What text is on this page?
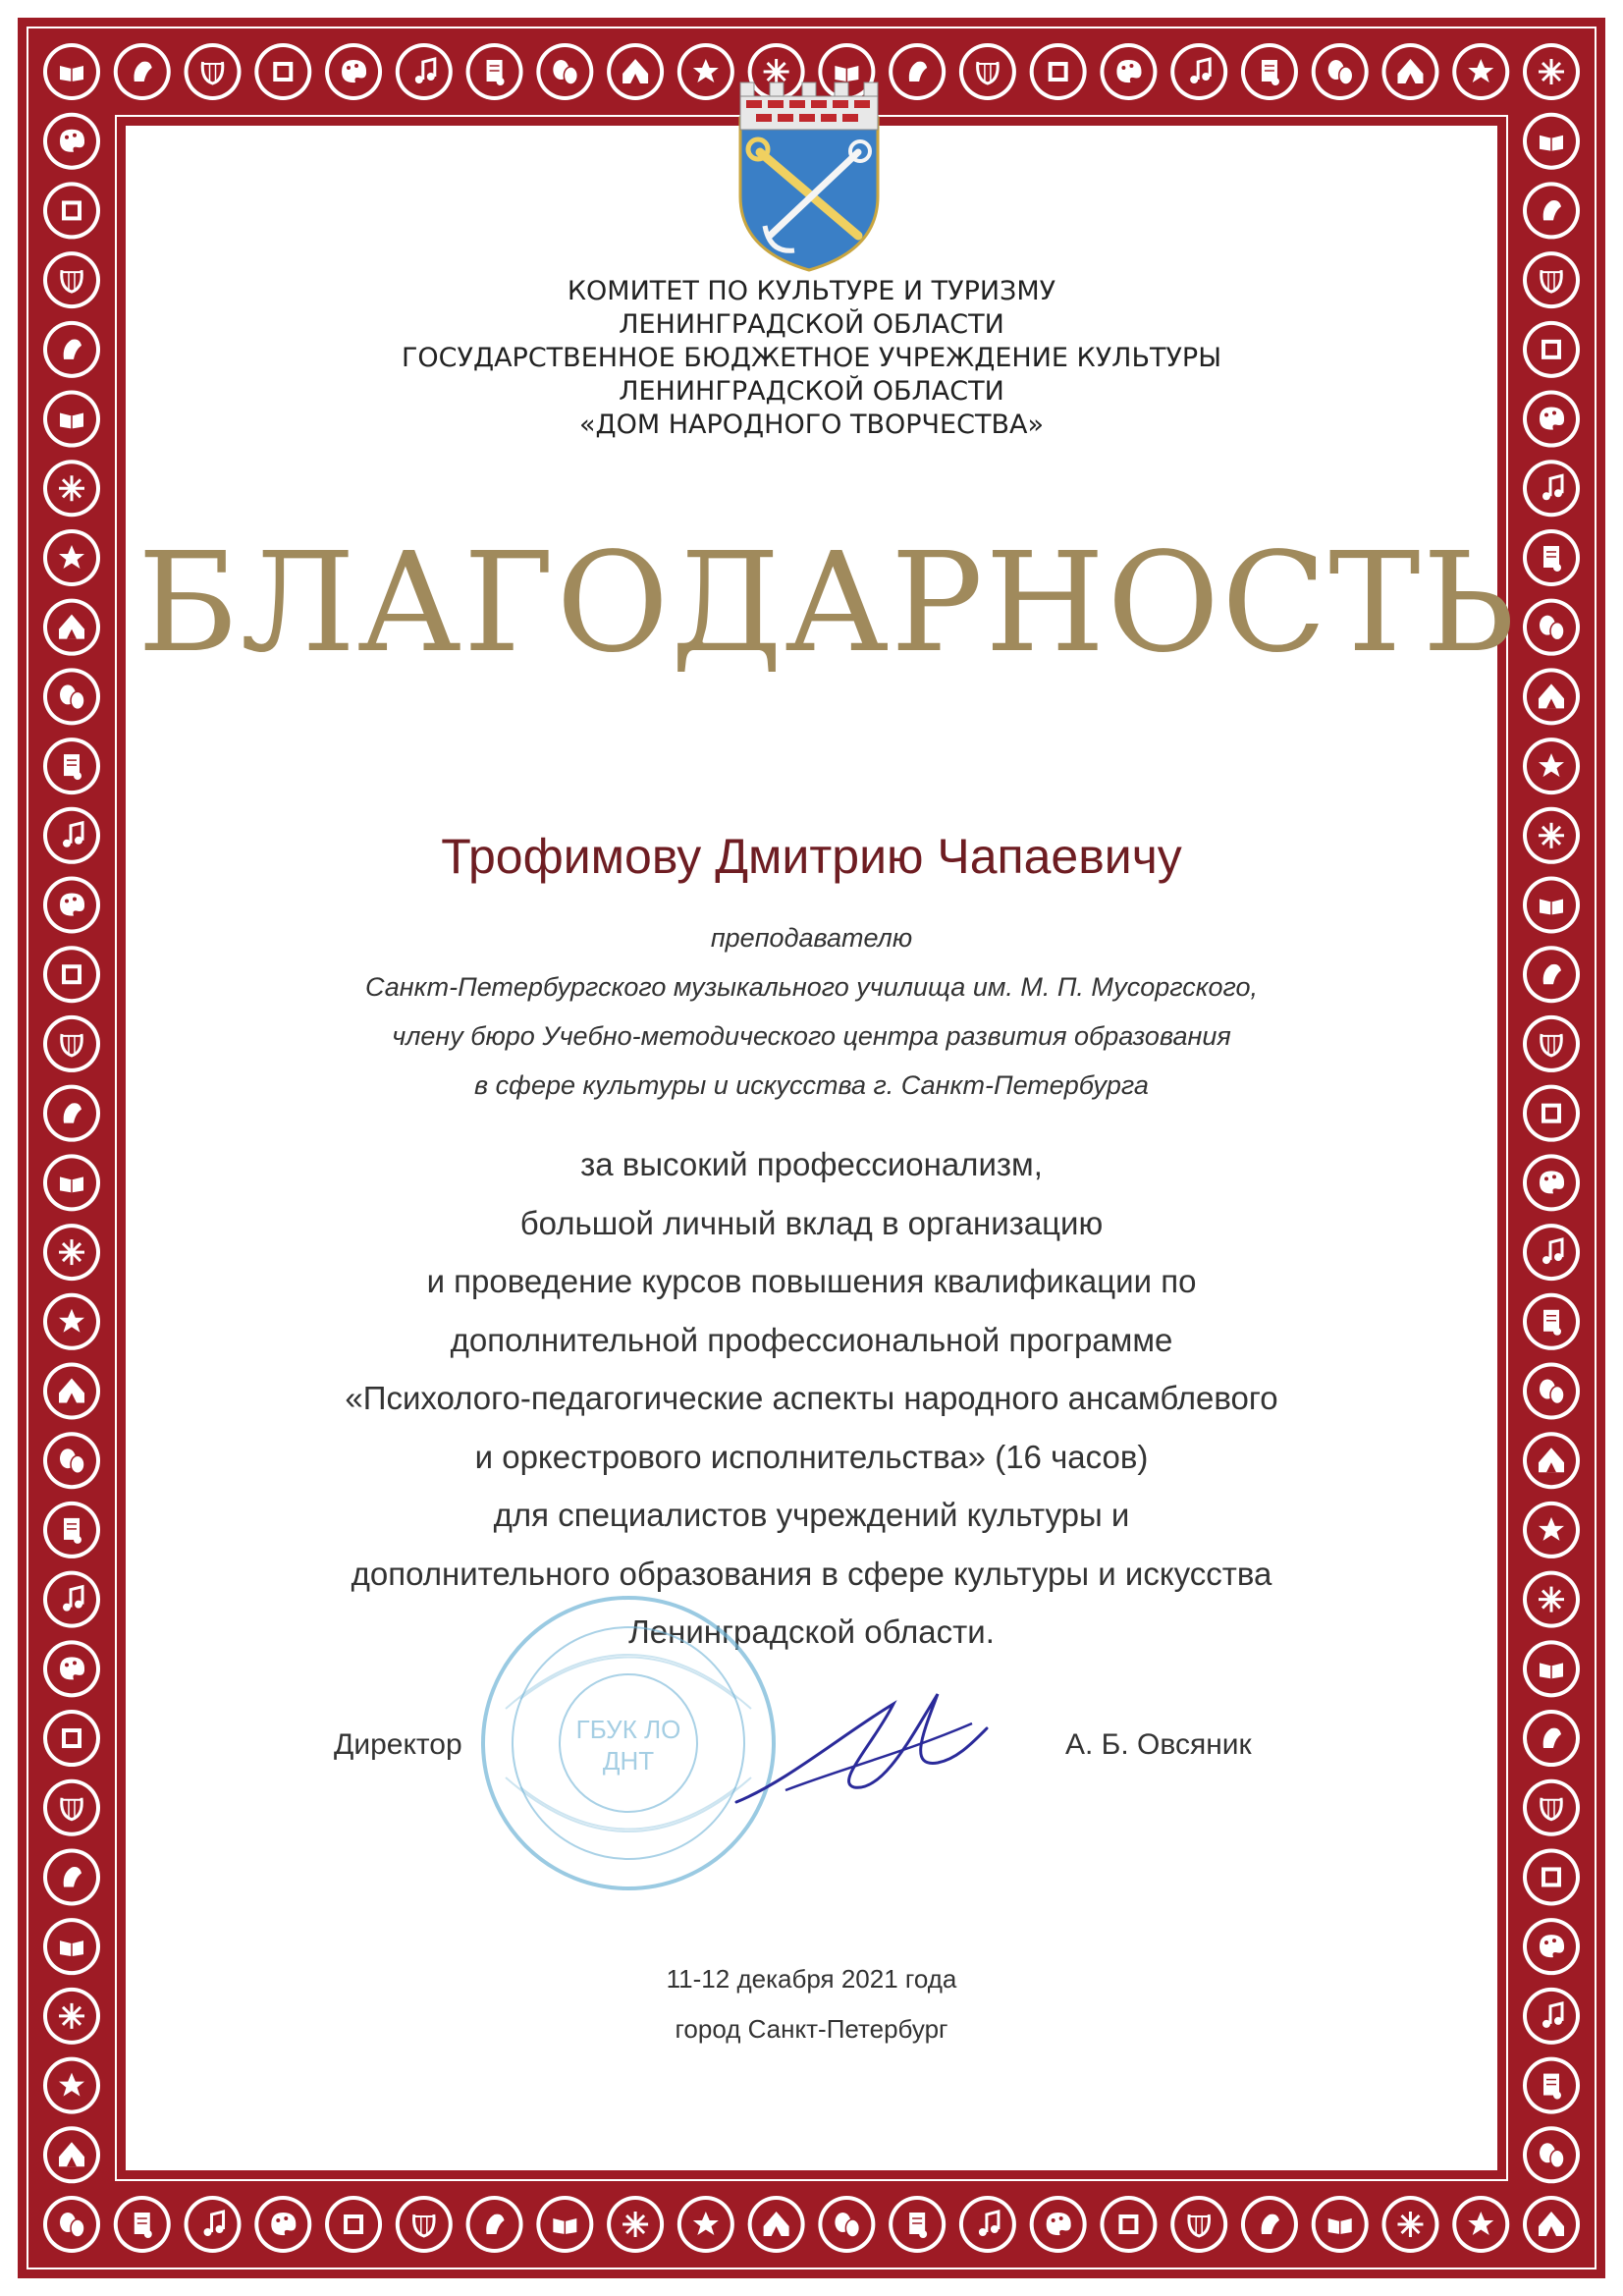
КОМИТЕТ ПО КУЛЬТУРЕ И ТУРИЗМУ
ЛЕНИНГРАДСКОЙ ОБЛАСТИ
ГОСУДАРСТВЕННОЕ БЮДЖЕТНОЕ УЧРЕЖДЕНИЕ КУЛЬТУРЫ
ЛЕНИНГРАДСКОЙ ОБЛАСТИ
«ДОМ НАРОДНОГО ТВОРЧЕСТВА»
БЛАГОДАРНОСТЬ
Трофимову Дмитрию Чапаевичу
преподавателю
Санкт-Петербургского музыкального училища им. М. П. Мусоргского,
члену бюро Учебно-методического центра развития образования
в сфере культуры и искусства г. Санкт-Петербурга
за высокий профессионализм,
большой личный вклад в организацию
и проведение курсов повышения квалификации по
дополнительной профессиональной программе
«Психолого-педагогические аспекты народного ансамблевого
и оркестрового исполнительства» (16 часов)
для специалистов учреждений культуры и
дополнительного образования в сфере культуры и искусства
Ленинградской области.
ГБУК ЛО
ДНТ
Директор	А. Б. Овсяник
11-12 декабря 2021 года
город Санкт-Петербург
